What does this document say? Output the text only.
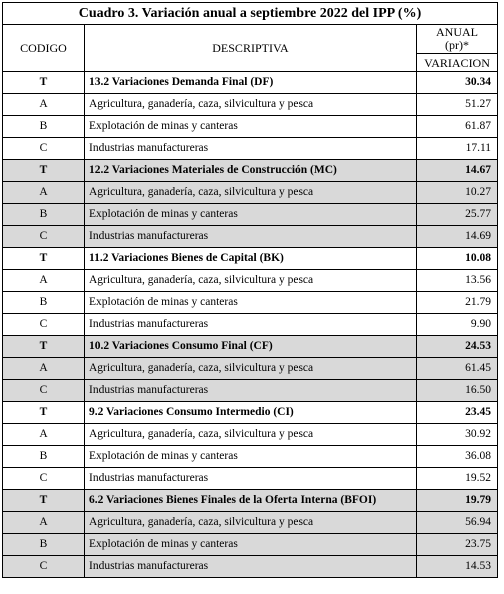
Cuadro 3. Variación anual a septiembre 2022 del IPP (%)		
CODIGO	DESCRIPTIVA	ANUAL
(pr)*
		VARIACION
T	13.2 Variaciones Demanda Final (DF)	30.34
A	Agricultura, ganadería, caza, silvicultura y pesca	51.27
B	Explotación de minas y canteras	61.87
C	Industrias manufactureras	17.11
T	12.2 Variaciones Materiales de Construcción (MC)	14.67
A	Agricultura, ganadería, caza, silvicultura y pesca	10.27
B	Explotación de minas y canteras	25.77
C	Industrias manufactureras	14.69
T	11.2 Variaciones Bienes de Capital (BK)	10.08
A	Agricultura, ganadería, caza, silvicultura y pesca	13.56
B	Explotación de minas y canteras	21.79
C	Industrias manufactureras	9.90
T	10.2 Variaciones Consumo Final (CF)	24.53
A	Agricultura, ganadería, caza, silvicultura y pesca	61.45
C	Industrias manufactureras	16.50
T	9.2 Variaciones Consumo Intermedio (CI)	23.45
A	Agricultura, ganadería, caza, silvicultura y pesca	30.92
B	Explotación de minas y canteras	36.08
C	Industrias manufactureras	19.52
T	6.2 Variaciones Bienes Finales de la Oferta Interna (BFOI)	19.79
A	Agricultura, ganadería, caza, silvicultura y pesca	56.94
B	Explotación de minas y canteras	23.75
C	Industrias manufactureras	14.53
